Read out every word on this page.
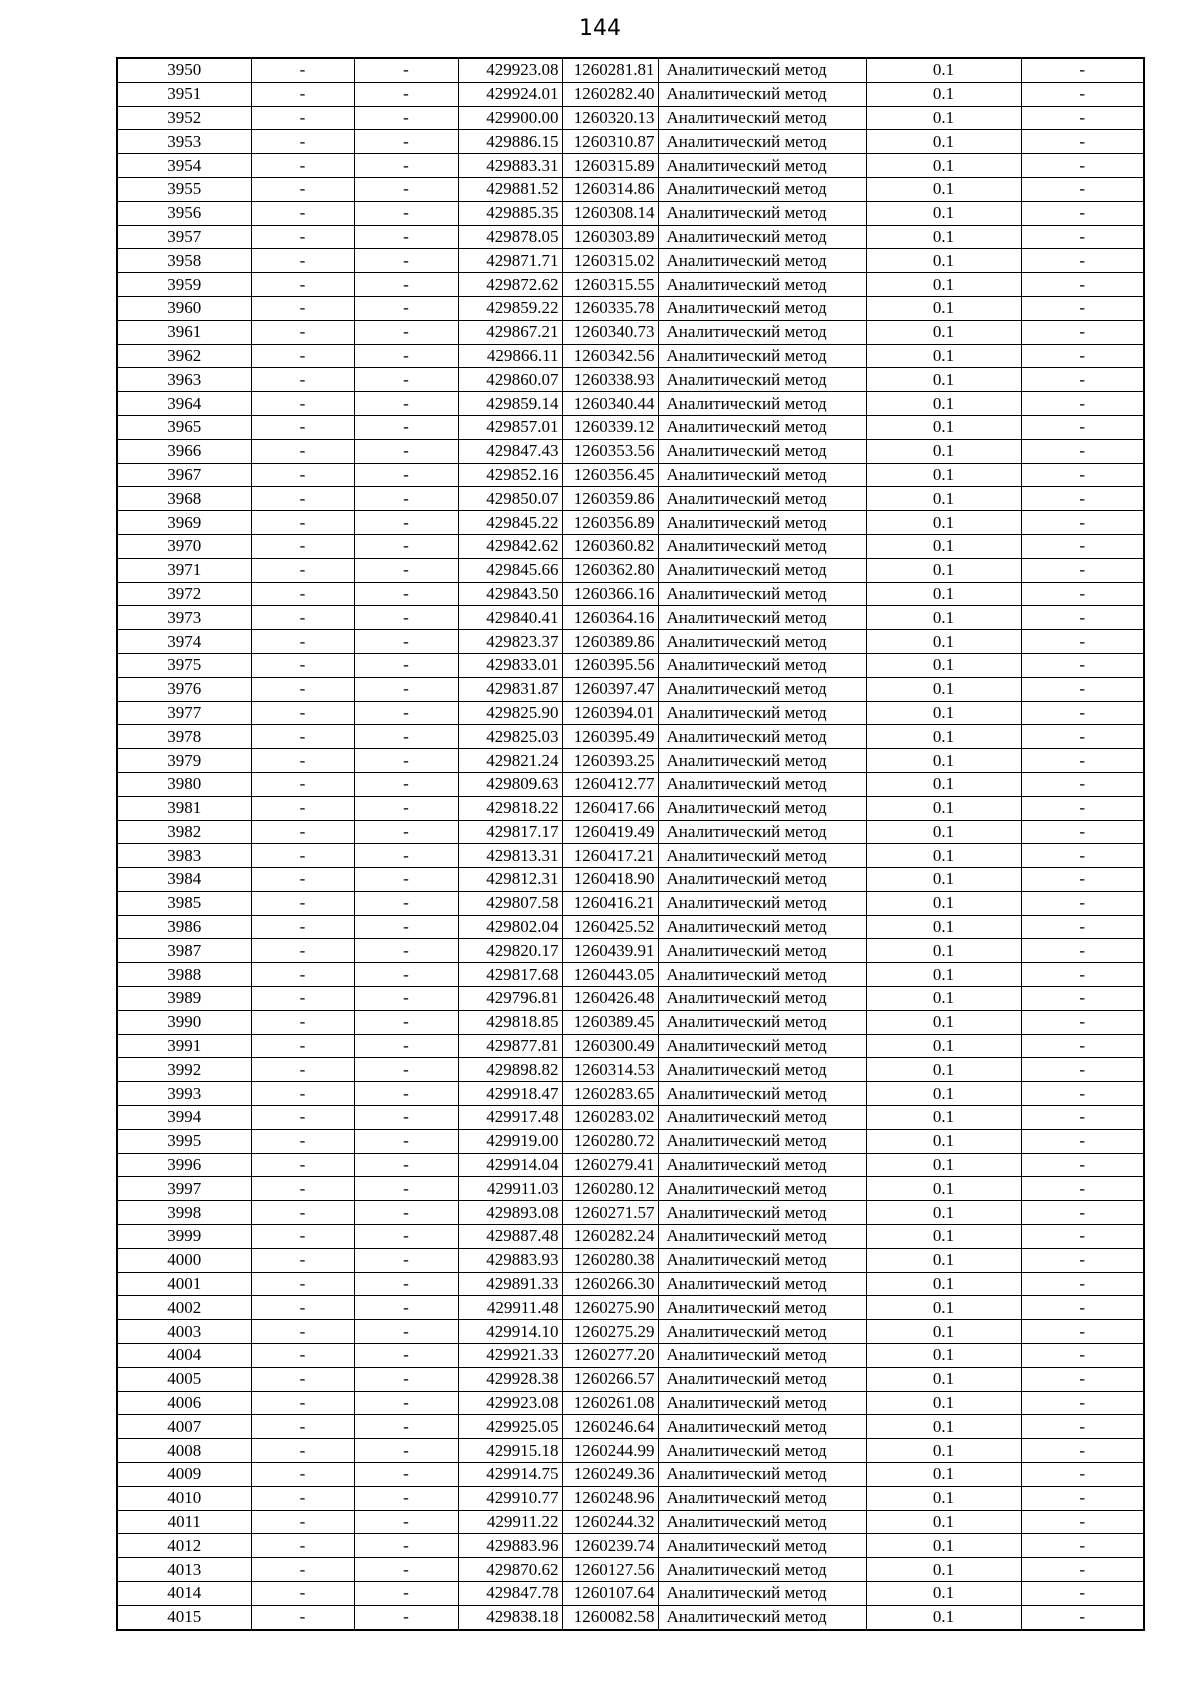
144
3950	-	-	429923.08	1260281.81	Аналитический метод	0.1	-
3951	-	-	429924.01	1260282.40	Аналитический метод	0.1	-
3952	-	-	429900.00	1260320.13	Аналитический метод	0.1	-
3953	-	-	429886.15	1260310.87	Аналитический метод	0.1	-
3954	-	-	429883.31	1260315.89	Аналитический метод	0.1	-
3955	-	-	429881.52	1260314.86	Аналитический метод	0.1	-
3956	-	-	429885.35	1260308.14	Аналитический метод	0.1	-
3957	-	-	429878.05	1260303.89	Аналитический метод	0.1	-
3958	-	-	429871.71	1260315.02	Аналитический метод	0.1	-
3959	-	-	429872.62	1260315.55	Аналитический метод	0.1	-
3960	-	-	429859.22	1260335.78	Аналитический метод	0.1	-
3961	-	-	429867.21	1260340.73	Аналитический метод	0.1	-
3962	-	-	429866.11	1260342.56	Аналитический метод	0.1	-
3963	-	-	429860.07	1260338.93	Аналитический метод	0.1	-
3964	-	-	429859.14	1260340.44	Аналитический метод	0.1	-
3965	-	-	429857.01	1260339.12	Аналитический метод	0.1	-
3966	-	-	429847.43	1260353.56	Аналитический метод	0.1	-
3967	-	-	429852.16	1260356.45	Аналитический метод	0.1	-
3968	-	-	429850.07	1260359.86	Аналитический метод	0.1	-
3969	-	-	429845.22	1260356.89	Аналитический метод	0.1	-
3970	-	-	429842.62	1260360.82	Аналитический метод	0.1	-
3971	-	-	429845.66	1260362.80	Аналитический метод	0.1	-
3972	-	-	429843.50	1260366.16	Аналитический метод	0.1	-
3973	-	-	429840.41	1260364.16	Аналитический метод	0.1	-
3974	-	-	429823.37	1260389.86	Аналитический метод	0.1	-
3975	-	-	429833.01	1260395.56	Аналитический метод	0.1	-
3976	-	-	429831.87	1260397.47	Аналитический метод	0.1	-
3977	-	-	429825.90	1260394.01	Аналитический метод	0.1	-
3978	-	-	429825.03	1260395.49	Аналитический метод	0.1	-
3979	-	-	429821.24	1260393.25	Аналитический метод	0.1	-
3980	-	-	429809.63	1260412.77	Аналитический метод	0.1	-
3981	-	-	429818.22	1260417.66	Аналитический метод	0.1	-
3982	-	-	429817.17	1260419.49	Аналитический метод	0.1	-
3983	-	-	429813.31	1260417.21	Аналитический метод	0.1	-
3984	-	-	429812.31	1260418.90	Аналитический метод	0.1	-
3985	-	-	429807.58	1260416.21	Аналитический метод	0.1	-
3986	-	-	429802.04	1260425.52	Аналитический метод	0.1	-
3987	-	-	429820.17	1260439.91	Аналитический метод	0.1	-
3988	-	-	429817.68	1260443.05	Аналитический метод	0.1	-
3989	-	-	429796.81	1260426.48	Аналитический метод	0.1	-
3990	-	-	429818.85	1260389.45	Аналитический метод	0.1	-
3991	-	-	429877.81	1260300.49	Аналитический метод	0.1	-
3992	-	-	429898.82	1260314.53	Аналитический метод	0.1	-
3993	-	-	429918.47	1260283.65	Аналитический метод	0.1	-
3994	-	-	429917.48	1260283.02	Аналитический метод	0.1	-
3995	-	-	429919.00	1260280.72	Аналитический метод	0.1	-
3996	-	-	429914.04	1260279.41	Аналитический метод	0.1	-
3997	-	-	429911.03	1260280.12	Аналитический метод	0.1	-
3998	-	-	429893.08	1260271.57	Аналитический метод	0.1	-
3999	-	-	429887.48	1260282.24	Аналитический метод	0.1	-
4000	-	-	429883.93	1260280.38	Аналитический метод	0.1	-
4001	-	-	429891.33	1260266.30	Аналитический метод	0.1	-
4002	-	-	429911.48	1260275.90	Аналитический метод	0.1	-
4003	-	-	429914.10	1260275.29	Аналитический метод	0.1	-
4004	-	-	429921.33	1260277.20	Аналитический метод	0.1	-
4005	-	-	429928.38	1260266.57	Аналитический метод	0.1	-
4006	-	-	429923.08	1260261.08	Аналитический метод	0.1	-
4007	-	-	429925.05	1260246.64	Аналитический метод	0.1	-
4008	-	-	429915.18	1260244.99	Аналитический метод	0.1	-
4009	-	-	429914.75	1260249.36	Аналитический метод	0.1	-
4010	-	-	429910.77	1260248.96	Аналитический метод	0.1	-
4011	-	-	429911.22	1260244.32	Аналитический метод	0.1	-
4012	-	-	429883.96	1260239.74	Аналитический метод	0.1	-
4013	-	-	429870.62	1260127.56	Аналитический метод	0.1	-
4014	-	-	429847.78	1260107.64	Аналитический метод	0.1	-
4015	-	-	429838.18	1260082.58	Аналитический метод	0.1	-
